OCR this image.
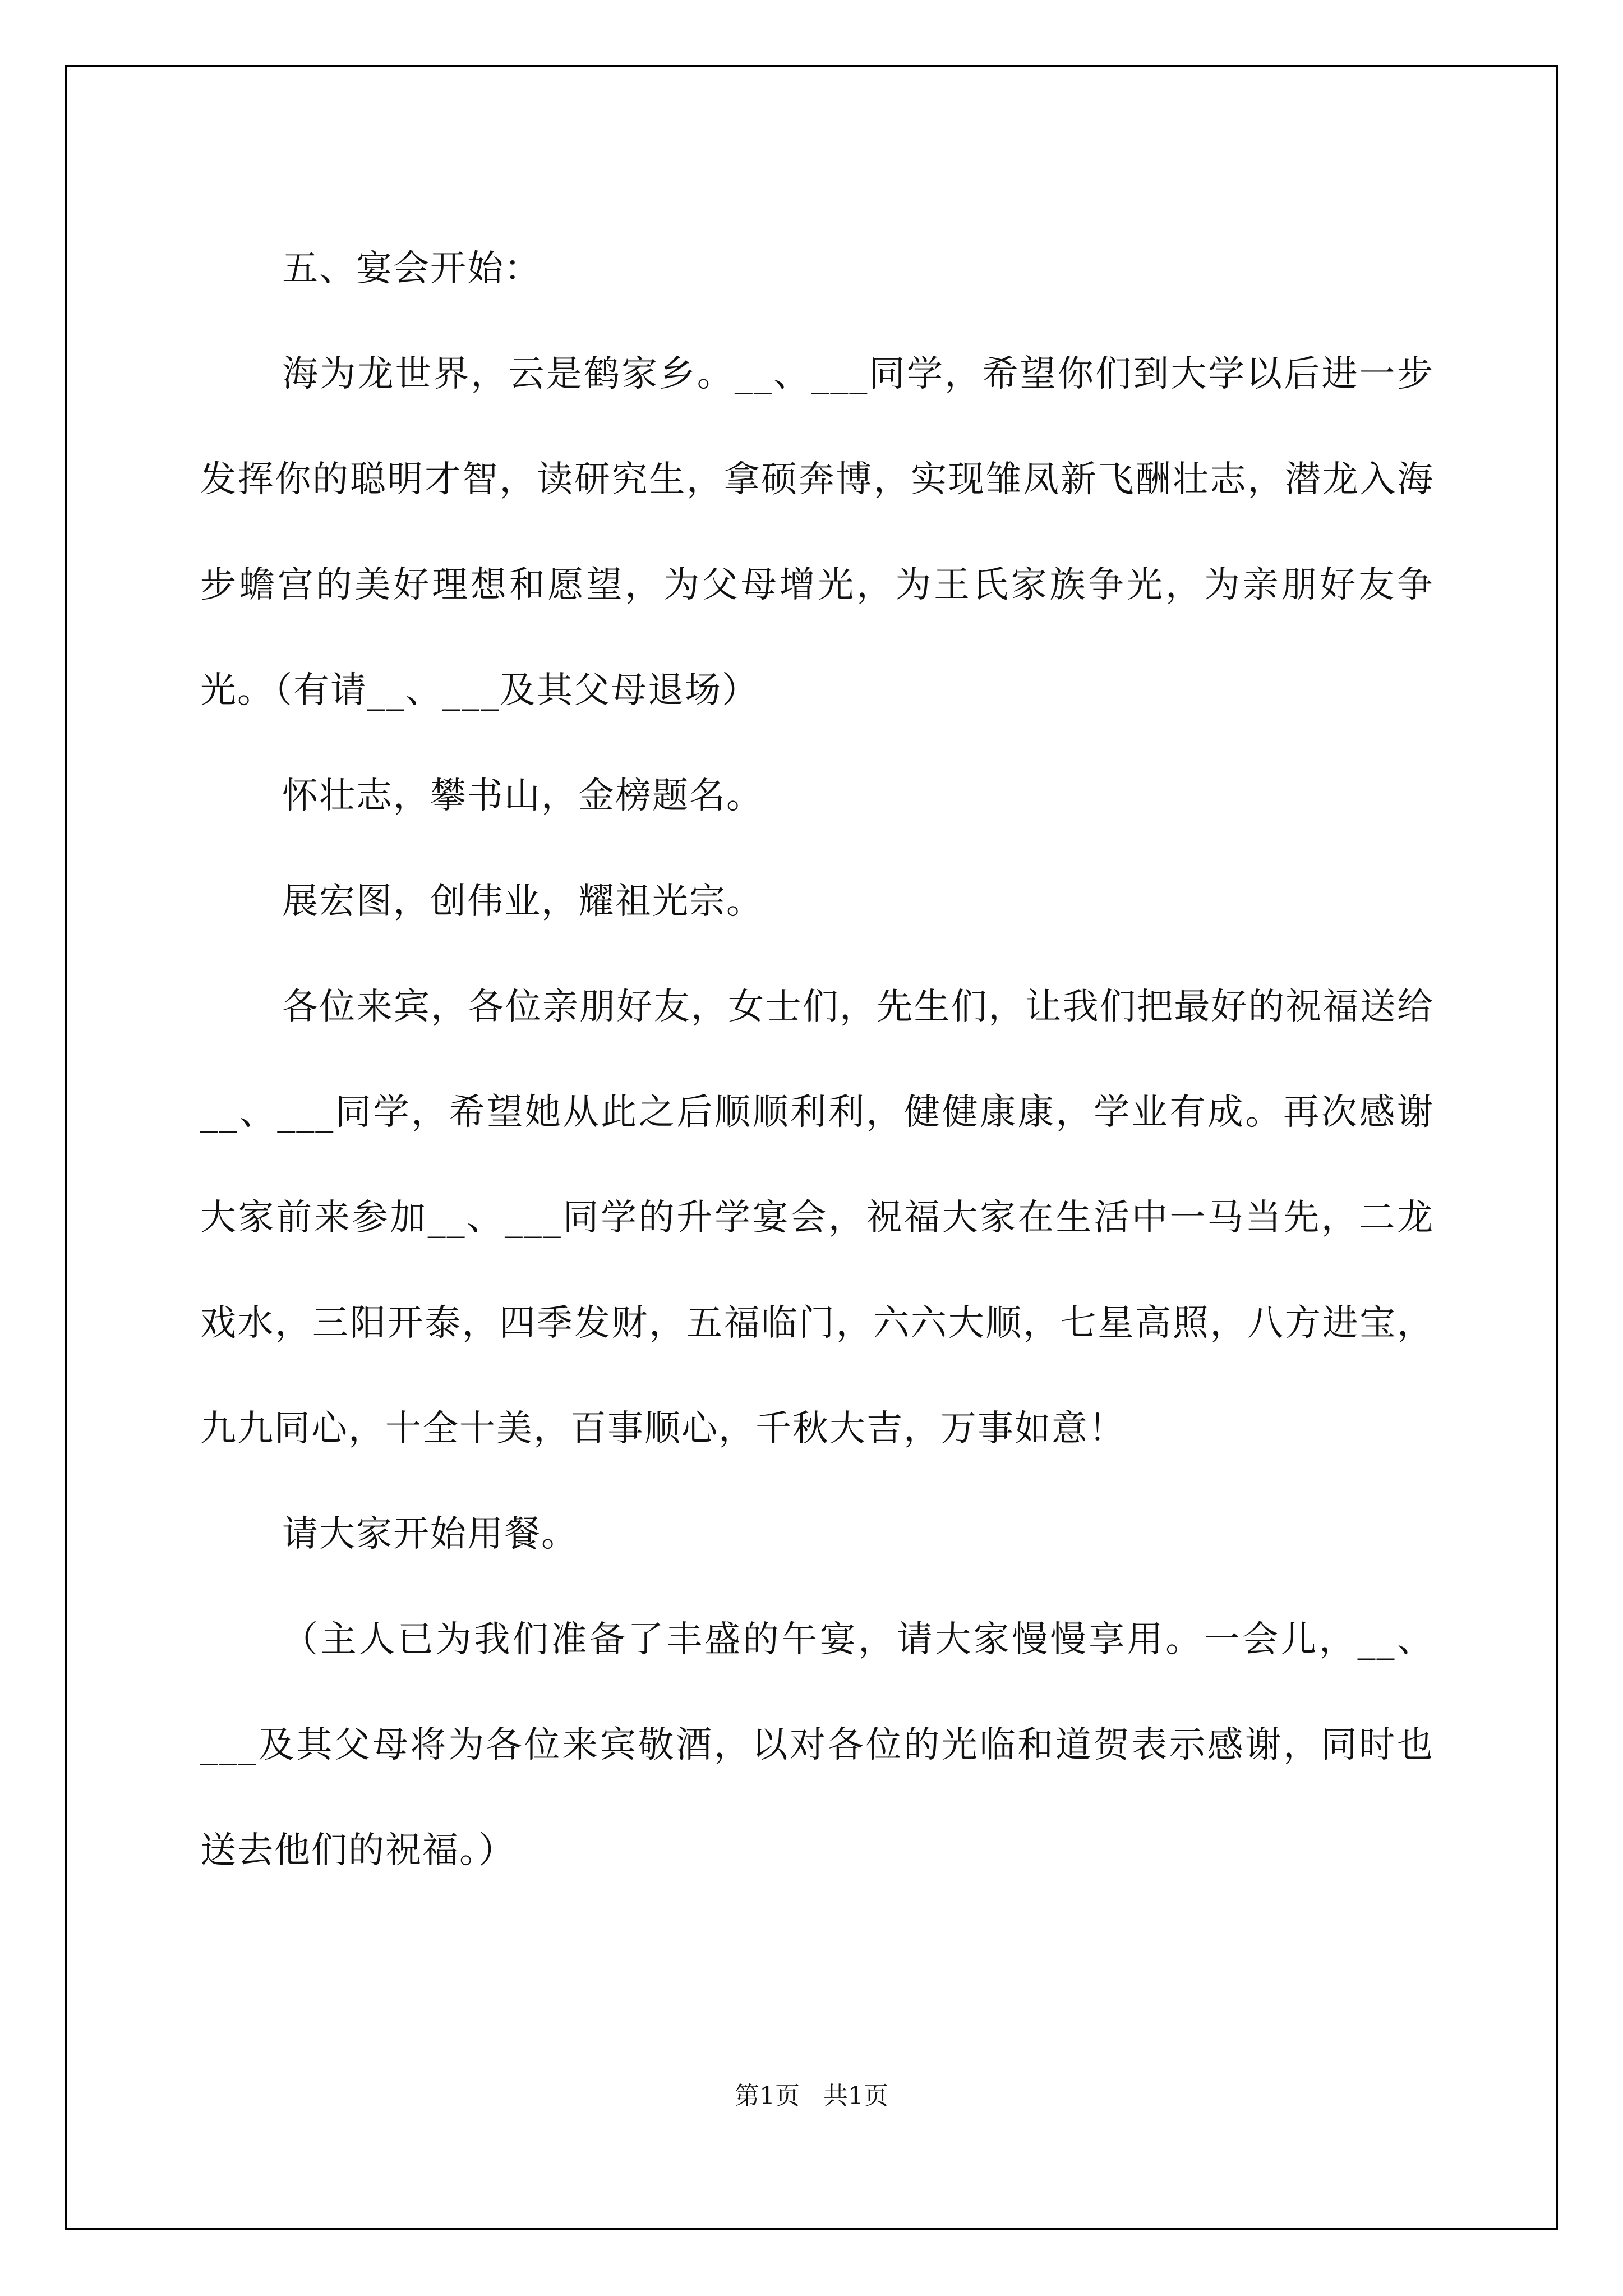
五、宴会开始：

海为龙世界，云是鹤家乡。__、___同学，希望你们到大学以后进一步发挥你的聪明才智，读研究生，拿硕奔博，实现雏凤新飞酬壮志，潜龙入海步蟾宫的美好理想和愿望，为父母增光，为王氏家族争光，为亲朋好友争光。（有请__、___及其父母退场）

怀壮志，攀书山，金榜题名。

展宏图，创伟业，耀祖光宗。

各位来宾，各位亲朋好友，女士们，先生们，让我们把最好的祝福送给__、___同学，希望她从此之后顺顺利利，健健康康，学业有成。再次感谢大家前来参加__、___同学的升学宴会，祝福大家在生活中一马当先，二龙戏水，三阳开泰，四季发财，五福临门，六六大顺，七星高照，八方进宝，九九同心，十全十美，百事顺心，千秋大吉，万事如意！

请大家开始用餐。

（主人已为我们准备了丰盛的午宴，请大家慢慢享用。一会儿，__、___及其父母将为各位来宾敬酒，以对各位的光临和道贺表示感谢，同时也送去他们的祝福。）

第1页 共1页
